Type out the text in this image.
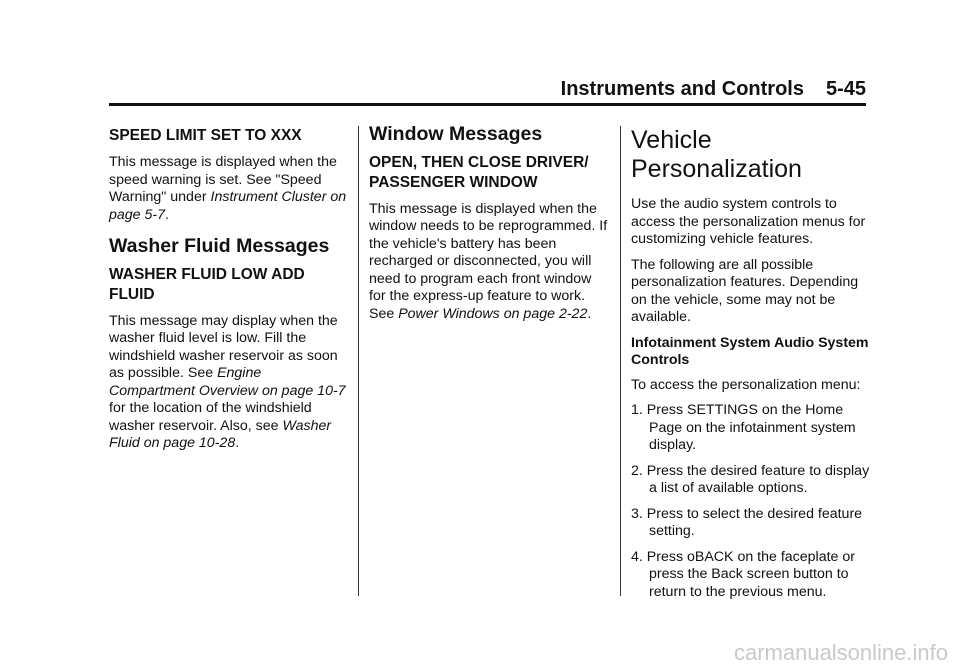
Instruments and Controls 5-45
SPEED LIMIT SET TO XXX

This message is displayed when the speed warning is set. See "Speed Warning" under Instrument Cluster on page 5-7.

Washer Fluid Messages
WASHER FLUID LOW ADD FLUID

This message may display when the washer fluid level is low. Fill the windshield washer reservoir as soon as possible. See Engine Compartment Overview on page 10-7 for the location of the windshield washer reservoir. Also, see Washer Fluid on page 10-28.

Window Messages
OPEN, THEN CLOSE DRIVER/ PASSENGER WINDOW

This message is displayed when the window needs to be reprogrammed. If the vehicle's battery has been recharged or disconnected, you will need to program each front window for the express-up feature to work. See Power Windows on page 2-22.

Vehicle Personalization

Use the audio system controls to access the personalization menus for customizing vehicle features.

The following are all possible personalization features. Depending on the vehicle, some may not be available.

Infotainment System Audio System Controls

To access the personalization menu:

1. Press SETTINGS on the Home Page on the infotainment system display.
2. Press the desired feature to display a list of available options.
3. Press to select the desired feature setting.
4. Press oBACK on the faceplate or press the Back screen button to return to the previous menu.
carmanualsonline.info
